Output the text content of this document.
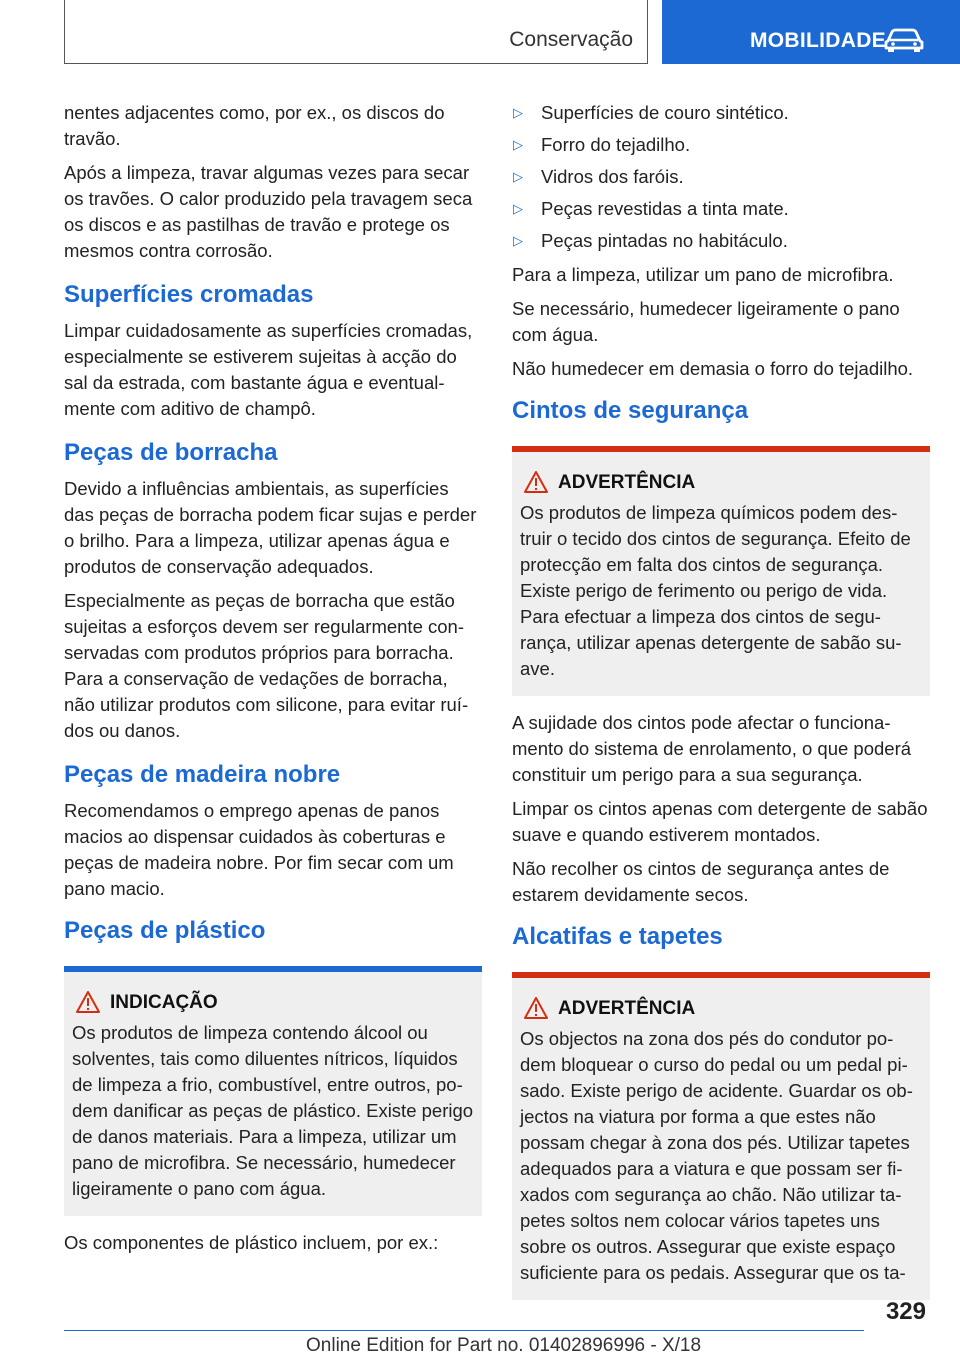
Conservação	MOBILIDADE

nentes adjacentes como, por ex., os discos do travão.

Após a limpeza, travar algumas vezes para secar os travões. O calor produzido pela travagem seca os discos e as pastilhas de travão e protege os mesmos contra corrosão.

Superfícies cromadas

Limpar cuidadosamente as superfícies cromadas, especialmente se estiverem sujeitas à acção do sal da estrada, com bastante água e eventualmente com aditivo de champô.

Peças de borracha

Devido a influências ambientais, as superfícies das peças de borracha podem ficar sujas e perder o brilho. Para a limpeza, utilizar apenas água e produtos de conservação adequados.

Especialmente as peças de borracha que estão sujeitas a esforços devem ser regularmente conservadas com produtos próprios para borracha. Para a conservação de vedações de borracha, não utilizar produtos com silicone, para evitar ruídos ou danos.

Peças de madeira nobre

Recomendamos o emprego apenas de panos macios ao dispensar cuidados às coberturas e peças de madeira nobre. Por fim secar com um pano macio.

Peças de plástico
INDICAÇÃO

Os produtos de limpeza contendo álcool ou solventes, tais como diluentes nítricos, líquidos de limpeza a frio, combustível, entre outros, podem danificar as peças de plástico. Existe perigo de danos materiais. Para a limpeza, utilizar um pano de microfibra. Se necessário, humedecer ligeiramente o pano com água.

Os componentes de plástico incluem, por ex.:

▷ Superfícies de couro sintético.
▷ Forro do tejadilho.
▷ Vidros dos faróis.
▷ Peças revestidas a tinta mate.
▷ Peças pintadas no habitáculo.

Para a limpeza, utilizar um pano de microfibra.

Se necessário, humedecer ligeiramente o pano com água.

Não humedecer em demasia o forro do tejadilho.

Cintos de segurança
ADVERTÊNCIA

Os produtos de limpeza químicos podem destruir o tecido dos cintos de segurança. Efeito de protecção em falta dos cintos de segurança. Existe perigo de ferimento ou perigo de vida. Para efectuar a limpeza dos cintos de segurança, utilizar apenas detergente de sabão suave.

A sujidade dos cintos pode afectar o funcionamento do sistema de enrolamento, o que poderá constituir um perigo para a sua segurança.

Limpar os cintos apenas com detergente de sabão suave e quando estiverem montados.

Não recolher os cintos de segurança antes de estarem devidamente secos.

Alcatifas e tapetes
ADVERTÊNCIA

Os objectos na zona dos pés do condutor podem bloquear o curso do pedal ou um pedal pisado. Existe perigo de acidente. Guardar os objectos na viatura por forma a que estes não possam chegar à zona dos pés. Utilizar tapetes adequados para a viatura e que possam ser fixados com segurança ao chão. Não utilizar tapetes soltos nem colocar vários tapetes uns sobre os outros. Assegurar que existe espaço suficiente para os pedais. Assegurar que os ta-

329
Online Edition for Part no. 01402896996 - X/18
